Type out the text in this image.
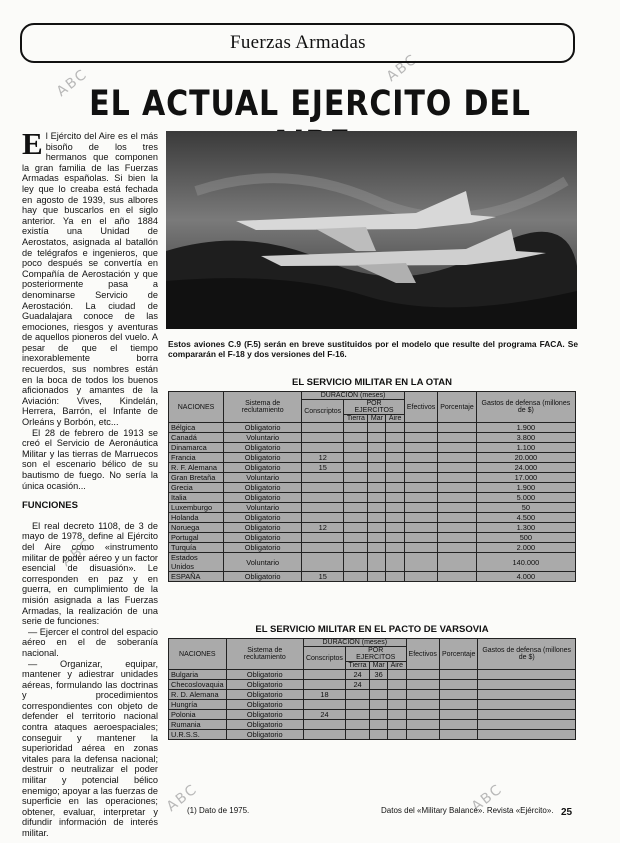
ABC	ABC
ABC
ABC	ABC
Fuerzas Armadas
EL ACTUAL EJERCITO DEL

El Ejército del Aire es el más bisoño de los tres hermanos que componen la gran familia de las Fuerzas Armadas españolas. Si bien la ley que lo creaba está fechada en agosto de 1939, sus albores hay que buscarlos en el siglo anterior. Ya en el año 1884 existía una Unidad de Aerostatos, asignada al batallón de telégrafos e ingenieros, que poco después se convertía en Compañía de Aerostación y que posteriormente pasa a denominarse Servicio de Aerostación. La ciudad de Guadalajara conoce de las emociones, riesgos y aventuras de aquellos pioneros del vuelo. A pesar de que el tiempo inexorablemente borra recuerdos, sus nombres están en la boca de todos los buenos aficionados y amantes de la Aviación: Vives, Kindelán, Herrera, Barrón, el Infante de Orleáns y Borbón, etc...

El 28 de febrero de 1913 se creó el Servicio de Aeronáutica Militar y las tierras de Marruecos son el escenario bélico de su bautismo de fuego. No sería la única ocasión...

FUNCIONES

El real decreto 1108, de 3 de mayo de 1978, define al Ejército del Aire como «instrumento militar de poder aéreo y un factor esencial de disuasión». Le corresponden en paz y en guerra, en cumplimiento de la misión asignada a las Fuerzas Armadas, la realización de una serie de funciones:

— Ejercer el control del espacio aéreo en el de soberanía nacional.

— Organizar, equipar, mantener y adiestrar unidades aéreas, formulando las doctrinas y procedimientos correspondientes con objeto de defender el territorio nacional contra ataques aeroespaciales; conseguir y mantener la superioridad aérea en zonas vitales para la defensa nacional; destruir o neutralizar el poder militar y potencial bélico enemigo; apoyar a las fuerzas de superficie en las operaciones; obtener, evaluar, interpretar y difundir información de interés militar.

Estos aviones C.9 (F.5) serán en breve sustituidos por el modelo que resulte del programa FACA. Se compararán el F-18 y dos versiones del F-16.

EL SERVICIO MILITAR EN LA OTAN
NACIONES	Sistema de reclutamiento	DURACION (meses)				Efectivos	Porcentaje	Gastos de defensa (millones de $)
		Conscriptos	POR EJERCITOS					
			Tierra	Mar	Aire			
Bélgica	Obligatorio							1.900
Canadá	Voluntario							3.800
Dinamarca	Obligatorio							1.100
Francia	Obligatorio	12						20.000
R. F. Alemana	Obligatorio	15						24.000
Gran Bretaña	Voluntario							17.000
Grecia	Obligatorio							1.900
Italia	Obligatorio							5.000
Luxemburgo	Voluntario							50
Holanda	Obligatorio							4.500
Noruega	Obligatorio	12						1.300
Portugal	Obligatorio							500
Turquía	Obligatorio							2.000
Estados Unidos	Voluntario							140.000
ESPAÑA	Obligatorio	15						4.000
EL SERVICIO MILITAR EN EL PACTO DE VARSOVIA
NACIONES	Sistema de reclutamiento	DURACION (meses)				Efectivos	Porcentaje	Gastos de defensa (millones de $)
		Conscriptos	POR EJERCITOS					
			Tierra	Mar	Aire			
Bulgaria	Obligatorio		24	36				
Checoslovaquia	Obligatorio		24					
R. D. Alemana	Obligatorio	18						
Hungría	Obligatorio							
Polonia	Obligatorio	24						
Rumania	Obligatorio							
U.R.S.S.	Obligatorio							
(1) Dato de 1975.	Datos del «Military Balance». Revista «Ejército». 25
